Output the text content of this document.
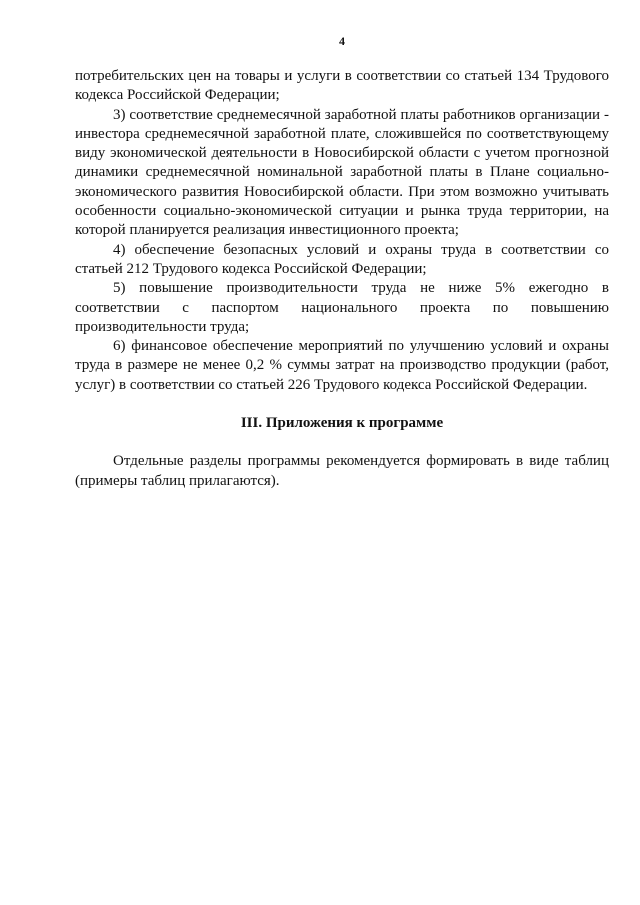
4

потребительских цен на товары и услуги в соответствии со статьей 134 Трудового кодекса Российской Федерации;

3) соответствие среднемесячной заработной платы работников организации - инвестора среднемесячной заработной плате, сложившейся по соответствующему виду экономической деятельности в Новосибирской области с учетом прогнозной динамики среднемесячной номинальной заработной платы в Плане социально-экономического развития Новосибирской области. При этом возможно учитывать особенности социально-экономической ситуации и рынка труда территории, на которой планируется реализация инвестиционного проекта;

4) обеспечение безопасных условий и охраны труда в соответствии со статьей 212 Трудового кодекса Российской Федерации;

5) повышение производительности труда не ниже 5% ежегодно в соответствии с паспортом национального проекта по повышению производительности труда;

6) финансовое обеспечение мероприятий по улучшению условий и охраны труда в размере не менее 0,2 % суммы затрат на производство продукции (работ, услуг) в соответствии со статьей 226 Трудового кодекса Российской Федерации.

III. Приложения к программе

Отдельные разделы программы рекомендуется формировать в виде таблиц (примеры таблиц прилагаются).
